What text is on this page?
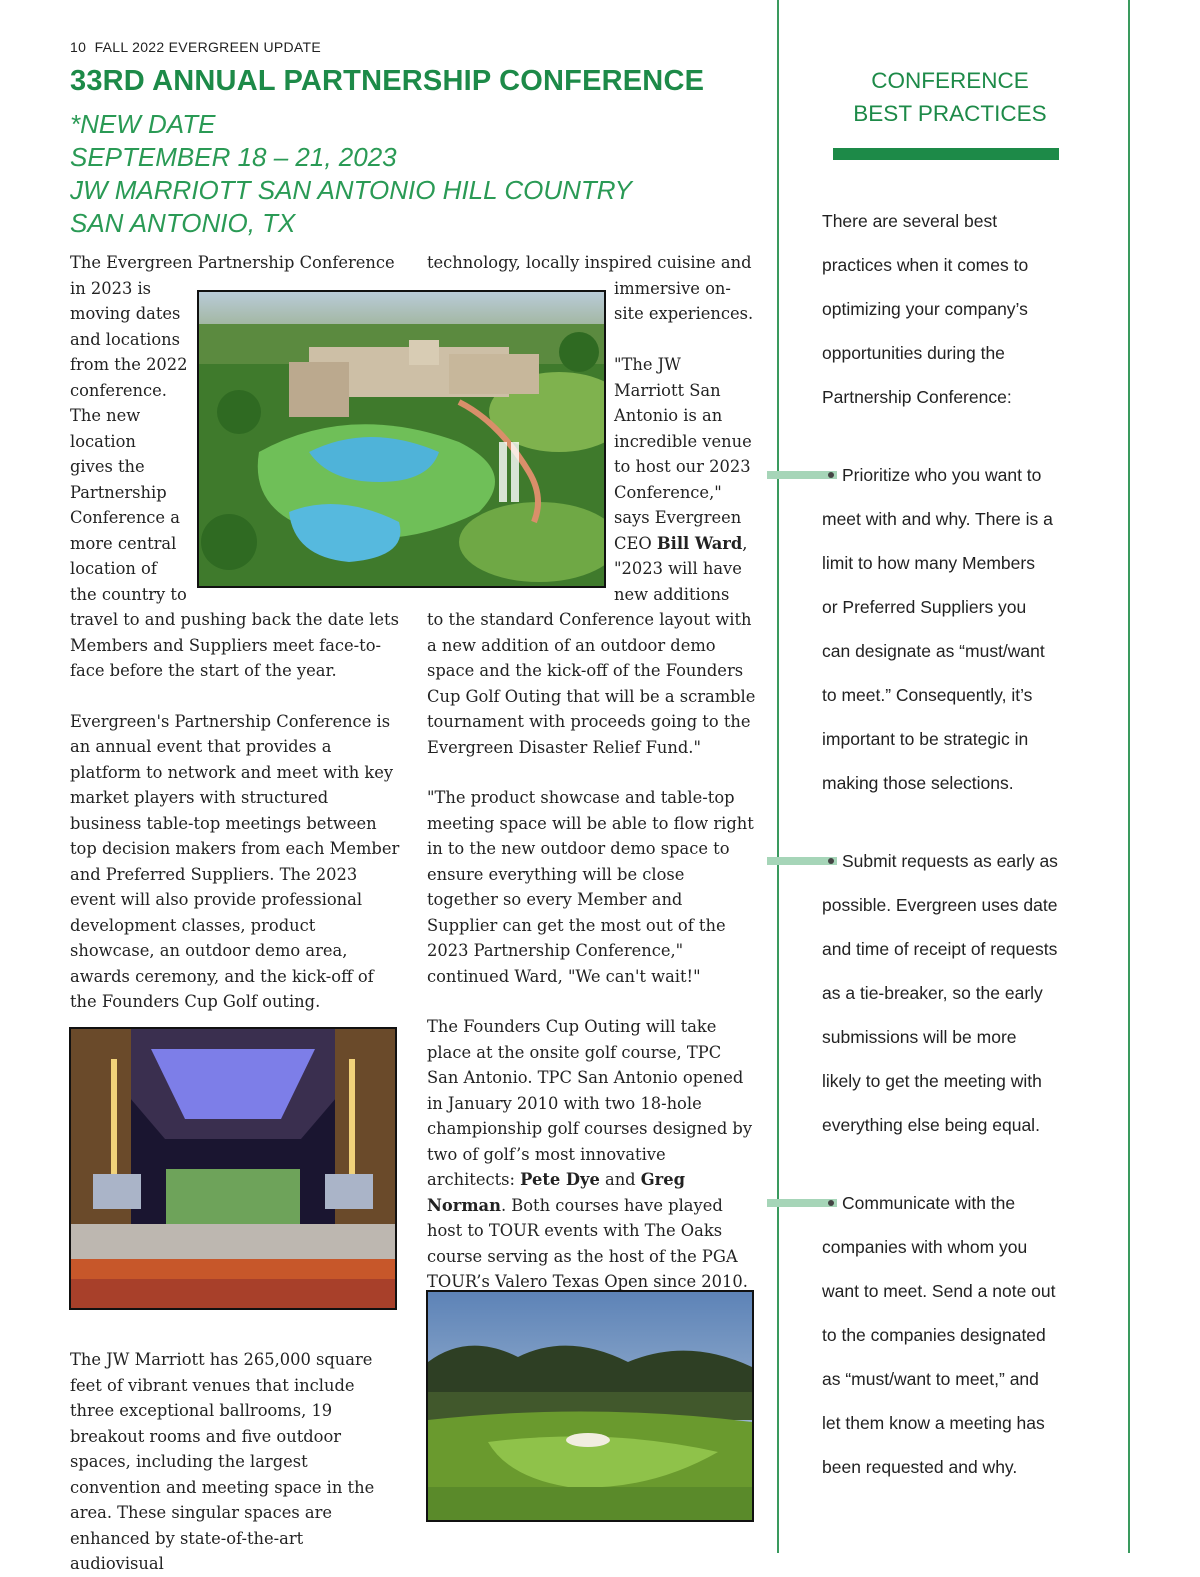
10 FALL 2022 EVERGREEN UPDATE
33RD ANNUAL PARTNERSHIP CONFERENCE
*NEW DATE
SEPTEMBER 18 – 21, 2023
JW MARRIOTT SAN ANTONIO HILL COUNTRY
SAN ANTONIO, TX
The Evergreen Partnership Conference
in 2023 is
moving dates
and locations
from the 2022
conference.
The new
location
gives the
Partnership
Conference a
more central
location of
the country to

travel to and pushing back the date lets Members and Suppliers meet face-to-face before the start of the year.

Evergreen's Partnership Conference is an annual event that provides a platform to network and meet with key market players with structured business table-top meetings between top decision makers from each Member and Preferred Suppliers. The 2023 event will also provide professional development classes, product showcase, an outdoor demo area, awards ceremony, and the kick-off of the Founders Cup Golf outing.

The JW Marriott has 265,000 square feet of vibrant venues that include three exceptional ballrooms, 19 breakout rooms and five outdoor spaces, including the largest convention and meeting space in the area. These singular spaces are enhanced by state-of-the-art audiovisual
technology, locally inspired cuisine and
immersive on-
site experiences.
"The JW
Marriott San
Antonio is an
incredible venue
to host our 2023
Conference,"
says Evergreen
CEO Bill Ward,
"2023 will have
new additions

to the standard Conference layout with a new addition of an outdoor demo space and the kick-off of the Founders Cup Golf Outing that will be a scramble tournament with proceeds going to the Evergreen Disaster Relief Fund."

"The product showcase and table-top meeting space will be able to flow right in to the new outdoor demo space to ensure everything will be close together so every Member and Supplier can get the most out of the 2023 Partnership Conference," continued Ward, "We can't wait!"

The Founders Cup Outing will take place at the onsite golf course, TPC San Antonio. TPC San Antonio opened in January 2010 with two 18-hole championship golf courses designed by two of golf’s most innovative architects: Pete Dye and Greg Norman. Both courses have played host to TOUR events with The Oaks course serving as the host of the PGA TOUR’s Valero Texas Open since 2010.

CONFERENCE
BEST PRACTICES
There are several best
practices when it comes to
optimizing your company’s
opportunities during the
Partnership Conference:
Prioritize who you want to
meet with and why. There is a
limit to how many Members
or Preferred Suppliers you
can designate as “must/want
to meet.” Consequently, it’s
important to be strategic in
making those selections.
Submit requests as early as
possible. Evergreen uses date
and time of receipt of requests
as a tie-breaker, so the early
submissions will be more
likely to get the meeting with
everything else being equal.
Communicate with the
companies with whom you
want to meet. Send a note out
to the companies designated
as “must/want to meet,” and
let them know a meeting has
been requested and why.
